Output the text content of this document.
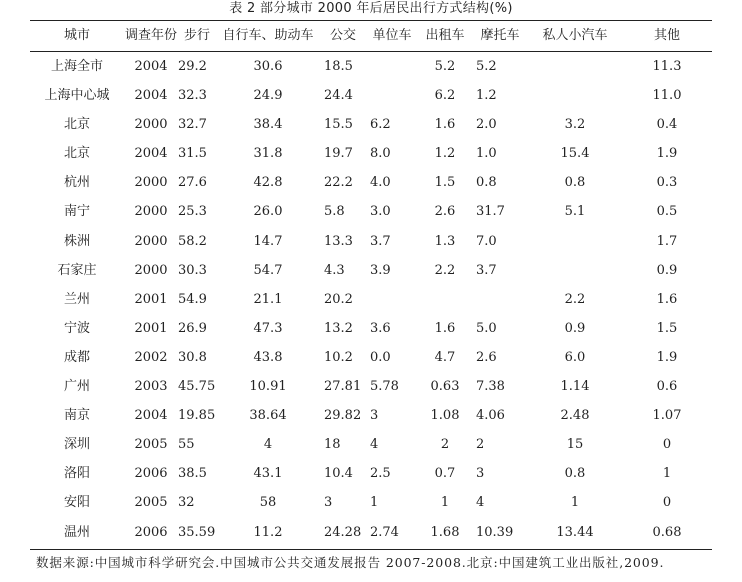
表 2 部分城市 2000 年后居民出行方式结构(%)
城市	调查年份	步行	自行车、助动车	公交	单位车	出租车	摩托车	私人小汽车	其他
上海全市	2004	29.2	30.6	18.5		5.2	5.2		11.3
上海中心城	2004	32.3	24.9	24.4		6.2	1.2		11.0
北京	2000	32.7	38.4	15.5	6.2	1.6	2.0	3.2	0.4
北京	2004	31.5	31.8	19.7	8.0	1.2	1.0	15.4	1.9
杭州	2000	27.6	42.8	22.2	4.0	1.5	0.8	0.8	0.3
南宁	2000	25.3	26.0	5.8	3.0	2.6	31.7	5.1	0.5
株洲	2000	58.2	14.7	13.3	3.7	1.3	7.0		1.7
石家庄	2000	30.3	54.7	4.3	3.9	2.2	3.7		0.9
兰州	2001	54.9	21.1	20.2				2.2	1.6
宁波	2001	26.9	47.3	13.2	3.6	1.6	5.0	0.9	1.5
成都	2002	30.8	43.8	10.2	0.0	4.7	2.6	6.0	1.9
广州	2003	45.75	10.91	27.81	5.78	0.63	7.38	1.14	0.6
南京	2004	19.85	38.64	29.82	3	1.08	4.06	2.48	1.07
深圳	2005	55	4	18	4	2	2	15	0
洛阳	2006	38.5	43.1	10.4	2.5	0.7	3	0.8	1
安阳	2005	32	58	3	1	1	4	1	0
温州	2006	35.59	11.2	24.28	2.74	1.68	10.39	13.44	0.68
数据来源:中国城市科学研究会.中国城市公共交通发展报告 2007-2008.北京:中国建筑工业出版社,2009.
